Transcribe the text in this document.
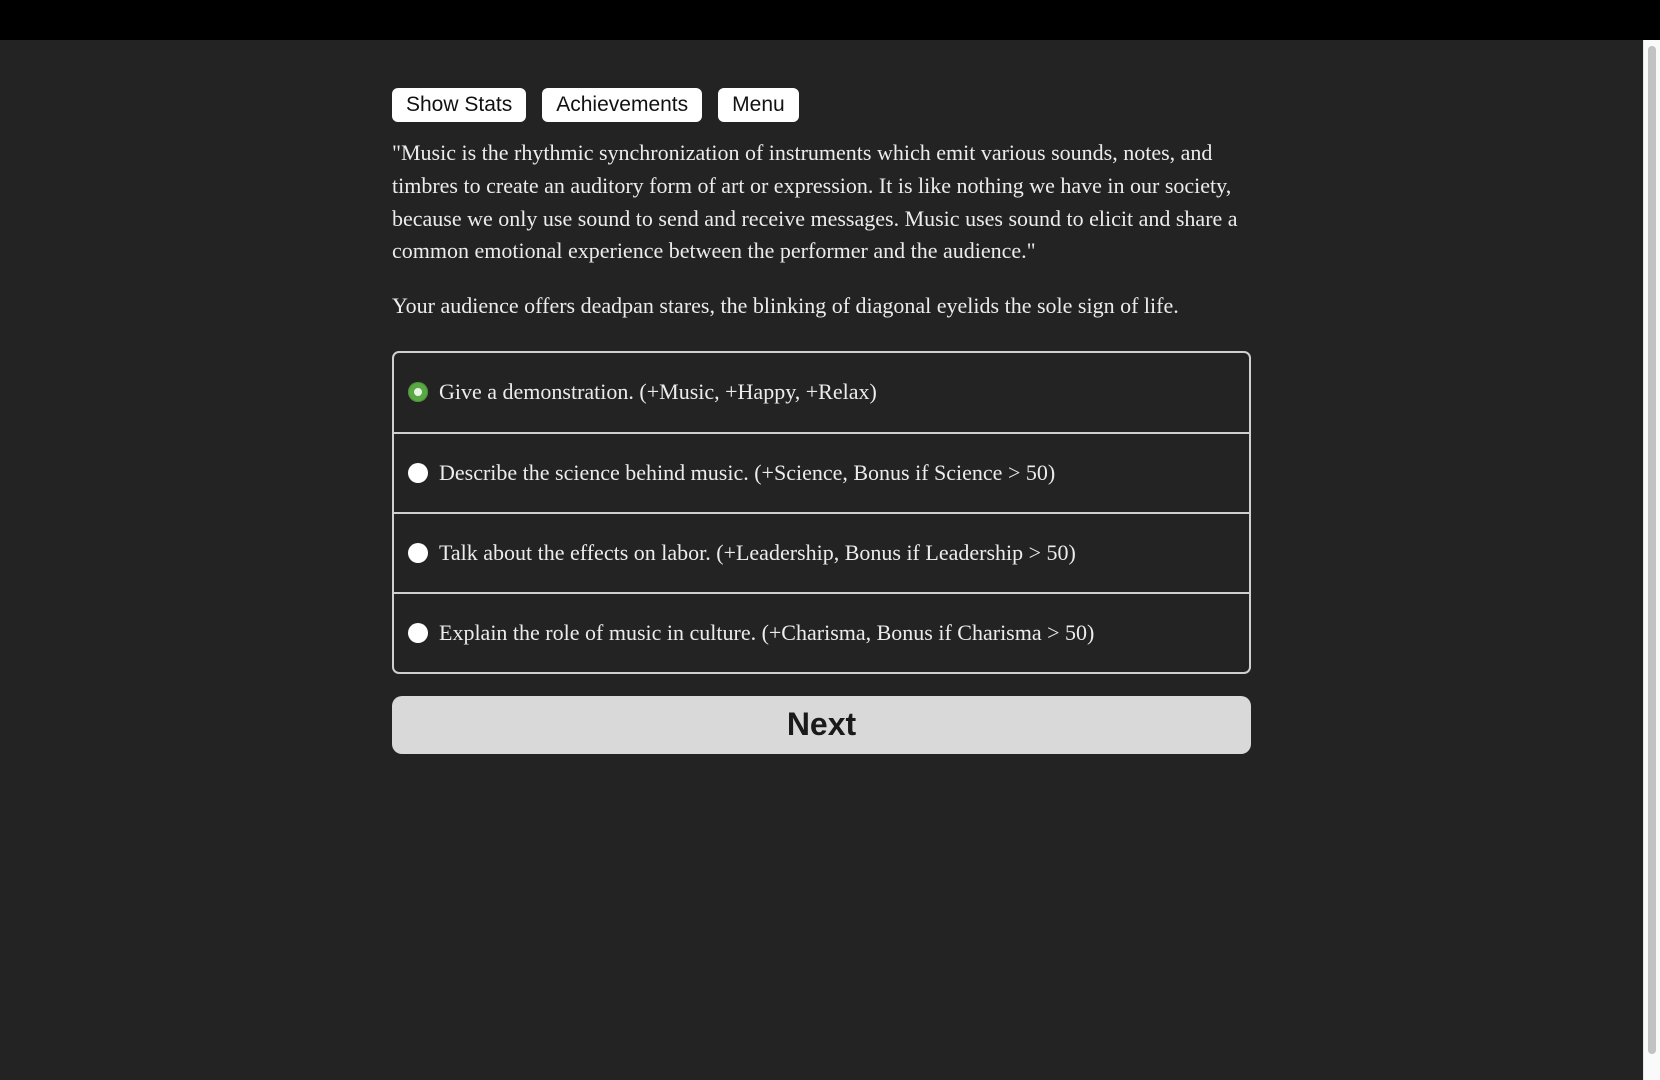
Show Stats	Achievements	Menu

"Music is the rhythmic synchronization of instruments which emit various sounds, notes, and timbres to create an auditory form of art or expression. It is like nothing we have in our society, because we only use sound to send and receive messages. Music uses sound to elicit and share a common emotional experience between the performer and the audience."

Your audience offers deadpan stares, the blinking of diagonal eyelids the sole sign of life.

Give a demonstration. (+Music, +Happy, +Relax)
Describe the science behind music. (+Science, Bonus if Science > 50)
Talk about the effects on labor. (+Leadership, Bonus if Leadership > 50)
Explain the role of music in culture. (+Charisma, Bonus if Charisma > 50)
Next
